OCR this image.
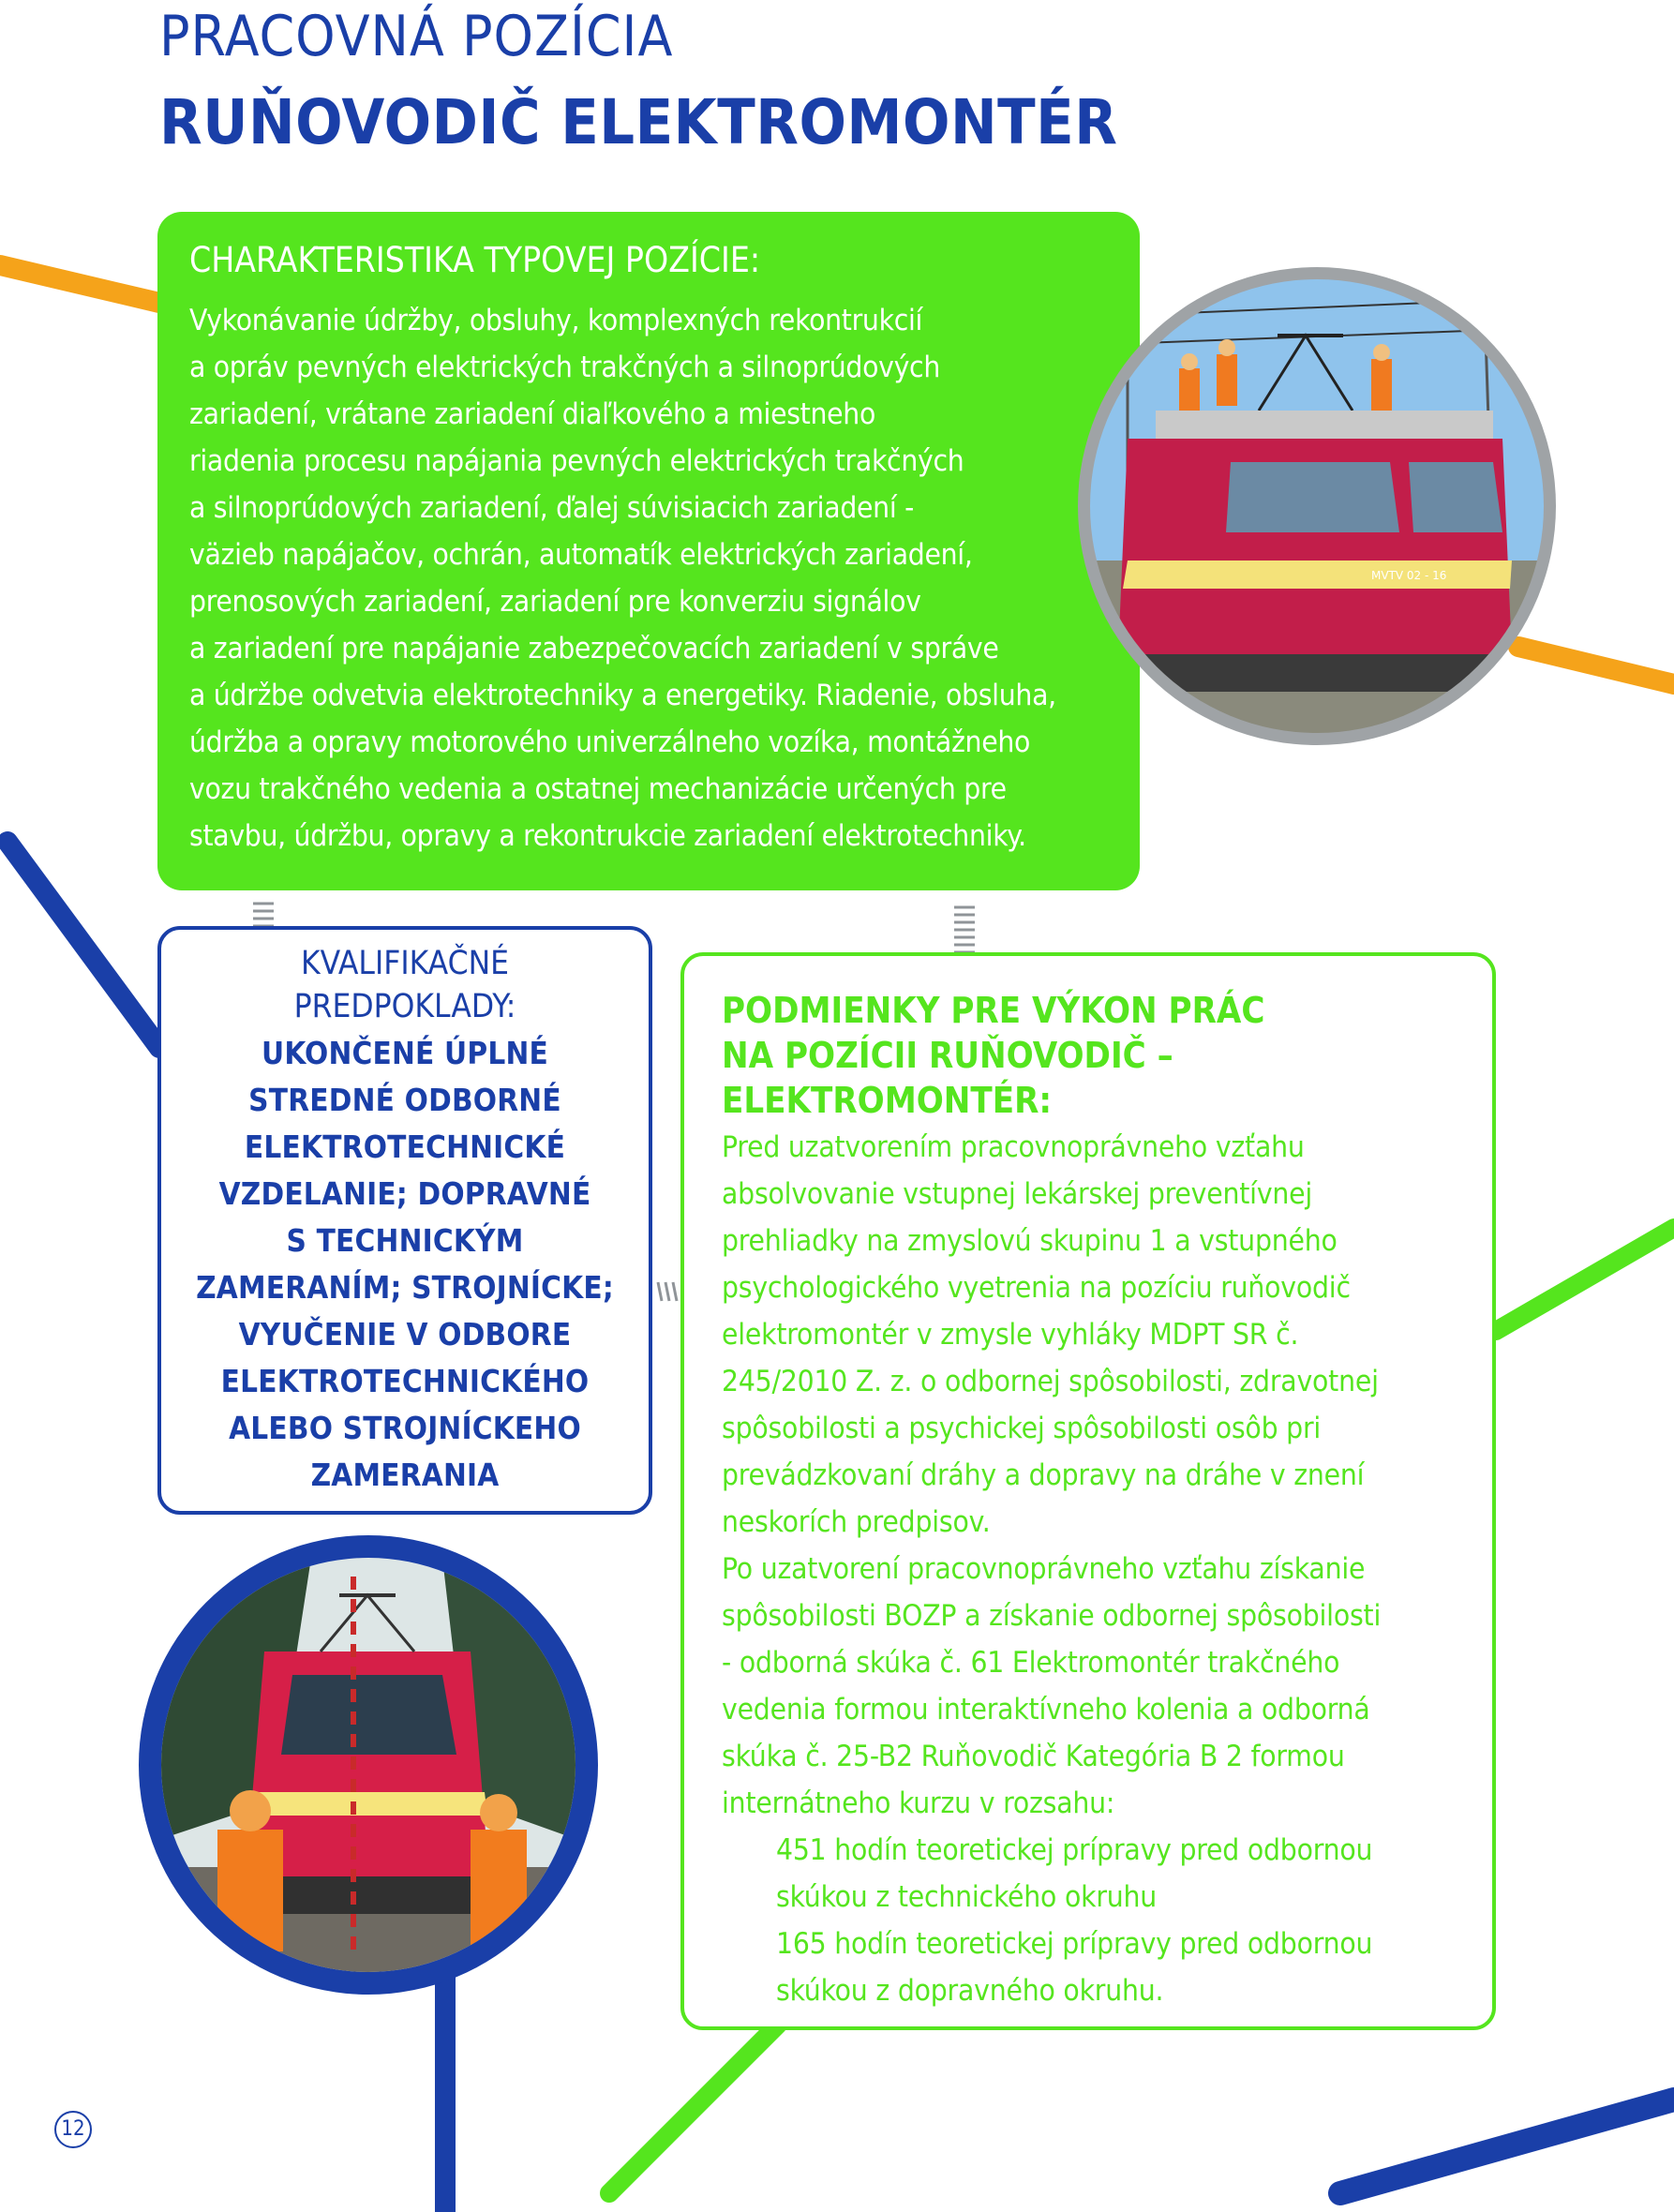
PRACOVNÁ POZÍCIA
RUŇOVODIČ ELEKTROMONTÉR
CHARAKTERISTIKA TYPOVEJ POZÍCIE:
Vykonávanie údržby, obsluhy, komplexných rekontrukcií
a opráv pevných elektrických trakčných a silnoprúdových
zariadení, vrátane zariadení diaľkového a miestneho
riadenia procesu napájania pevných elektrických trakčných
a silnoprúdových zariadení, ďalej súvisiacich zariadení -
väzieb napájačov, ochrán, automatík elektrických zariadení,
prenosových zariadení, zariadení pre konverziu signálov
a zariadení pre napájanie zabezpečovacích zariadení v správe
a údržbe odvetvia elektrotechniky a energetiky. Riadenie, obsluha,
údržba a opravy motorového univerzálneho vozíka, montážneho
vozu trakčného vedenia a ostatnej mechanizácie určených pre
stavbu, údržbu, opravy a rekontrukcie zariadení elektrotechniky.
MVTV 02 - 16
KVALIFIKAČNÉ
PREDPOKLADY:
UKONČENÉ ÚPLNÉ
STREDNÉ ODBORNÉ
ELEKTROTECHNICKÉ
VZDELANIE; DOPRAVNÉ
S TECHNICKÝM
ZAMERANÍM; STROJNÍCKE;
VYUČENIE V ODBORE
ELEKTROTECHNICKÉHO
ALEBO STROJNÍCKEHO
ZAMERANIA
PODMIENKY PRE VÝKON PRÁC
NA POZÍCII RUŇOVODIČ –
ELEKTROMONTÉR:
Pred uzatvorením pracovnoprávneho vzťahu
absolvovanie vstupnej lekárskej preventívnej
prehliadky na zmyslovú skupinu 1 a vstupného
psychologického vyetrenia na pozíciu ruňovodič
elektromontér v zmysle vyhláky MDPT SR č.
245/2010 Z. z. o odbornej spôsobilosti, zdravotnej
spôsobilosti a psychickej spôsobilosti osôb pri
prevádzkovaní dráhy a dopravy na dráhe v znení
neskorích predpisov.
Po uzatvorení pracovnoprávneho vzťahu získanie
spôsobilosti BOZP a získanie odbornej spôsobilosti
- odborná skúka č. 61 Elektromontér trakčného
vedenia formou interaktívneho kolenia a odborná
skúka č. 25-B2 Ruňovodič Kategória B 2 formou
internátneho kurzu v rozsahu:
451 hodín teoretickej prípravy pred odbornou
skúkou z technického okruhu
165 hodín teoretickej prípravy pred odbornou
skúkou z dopravného okruhu.
12
